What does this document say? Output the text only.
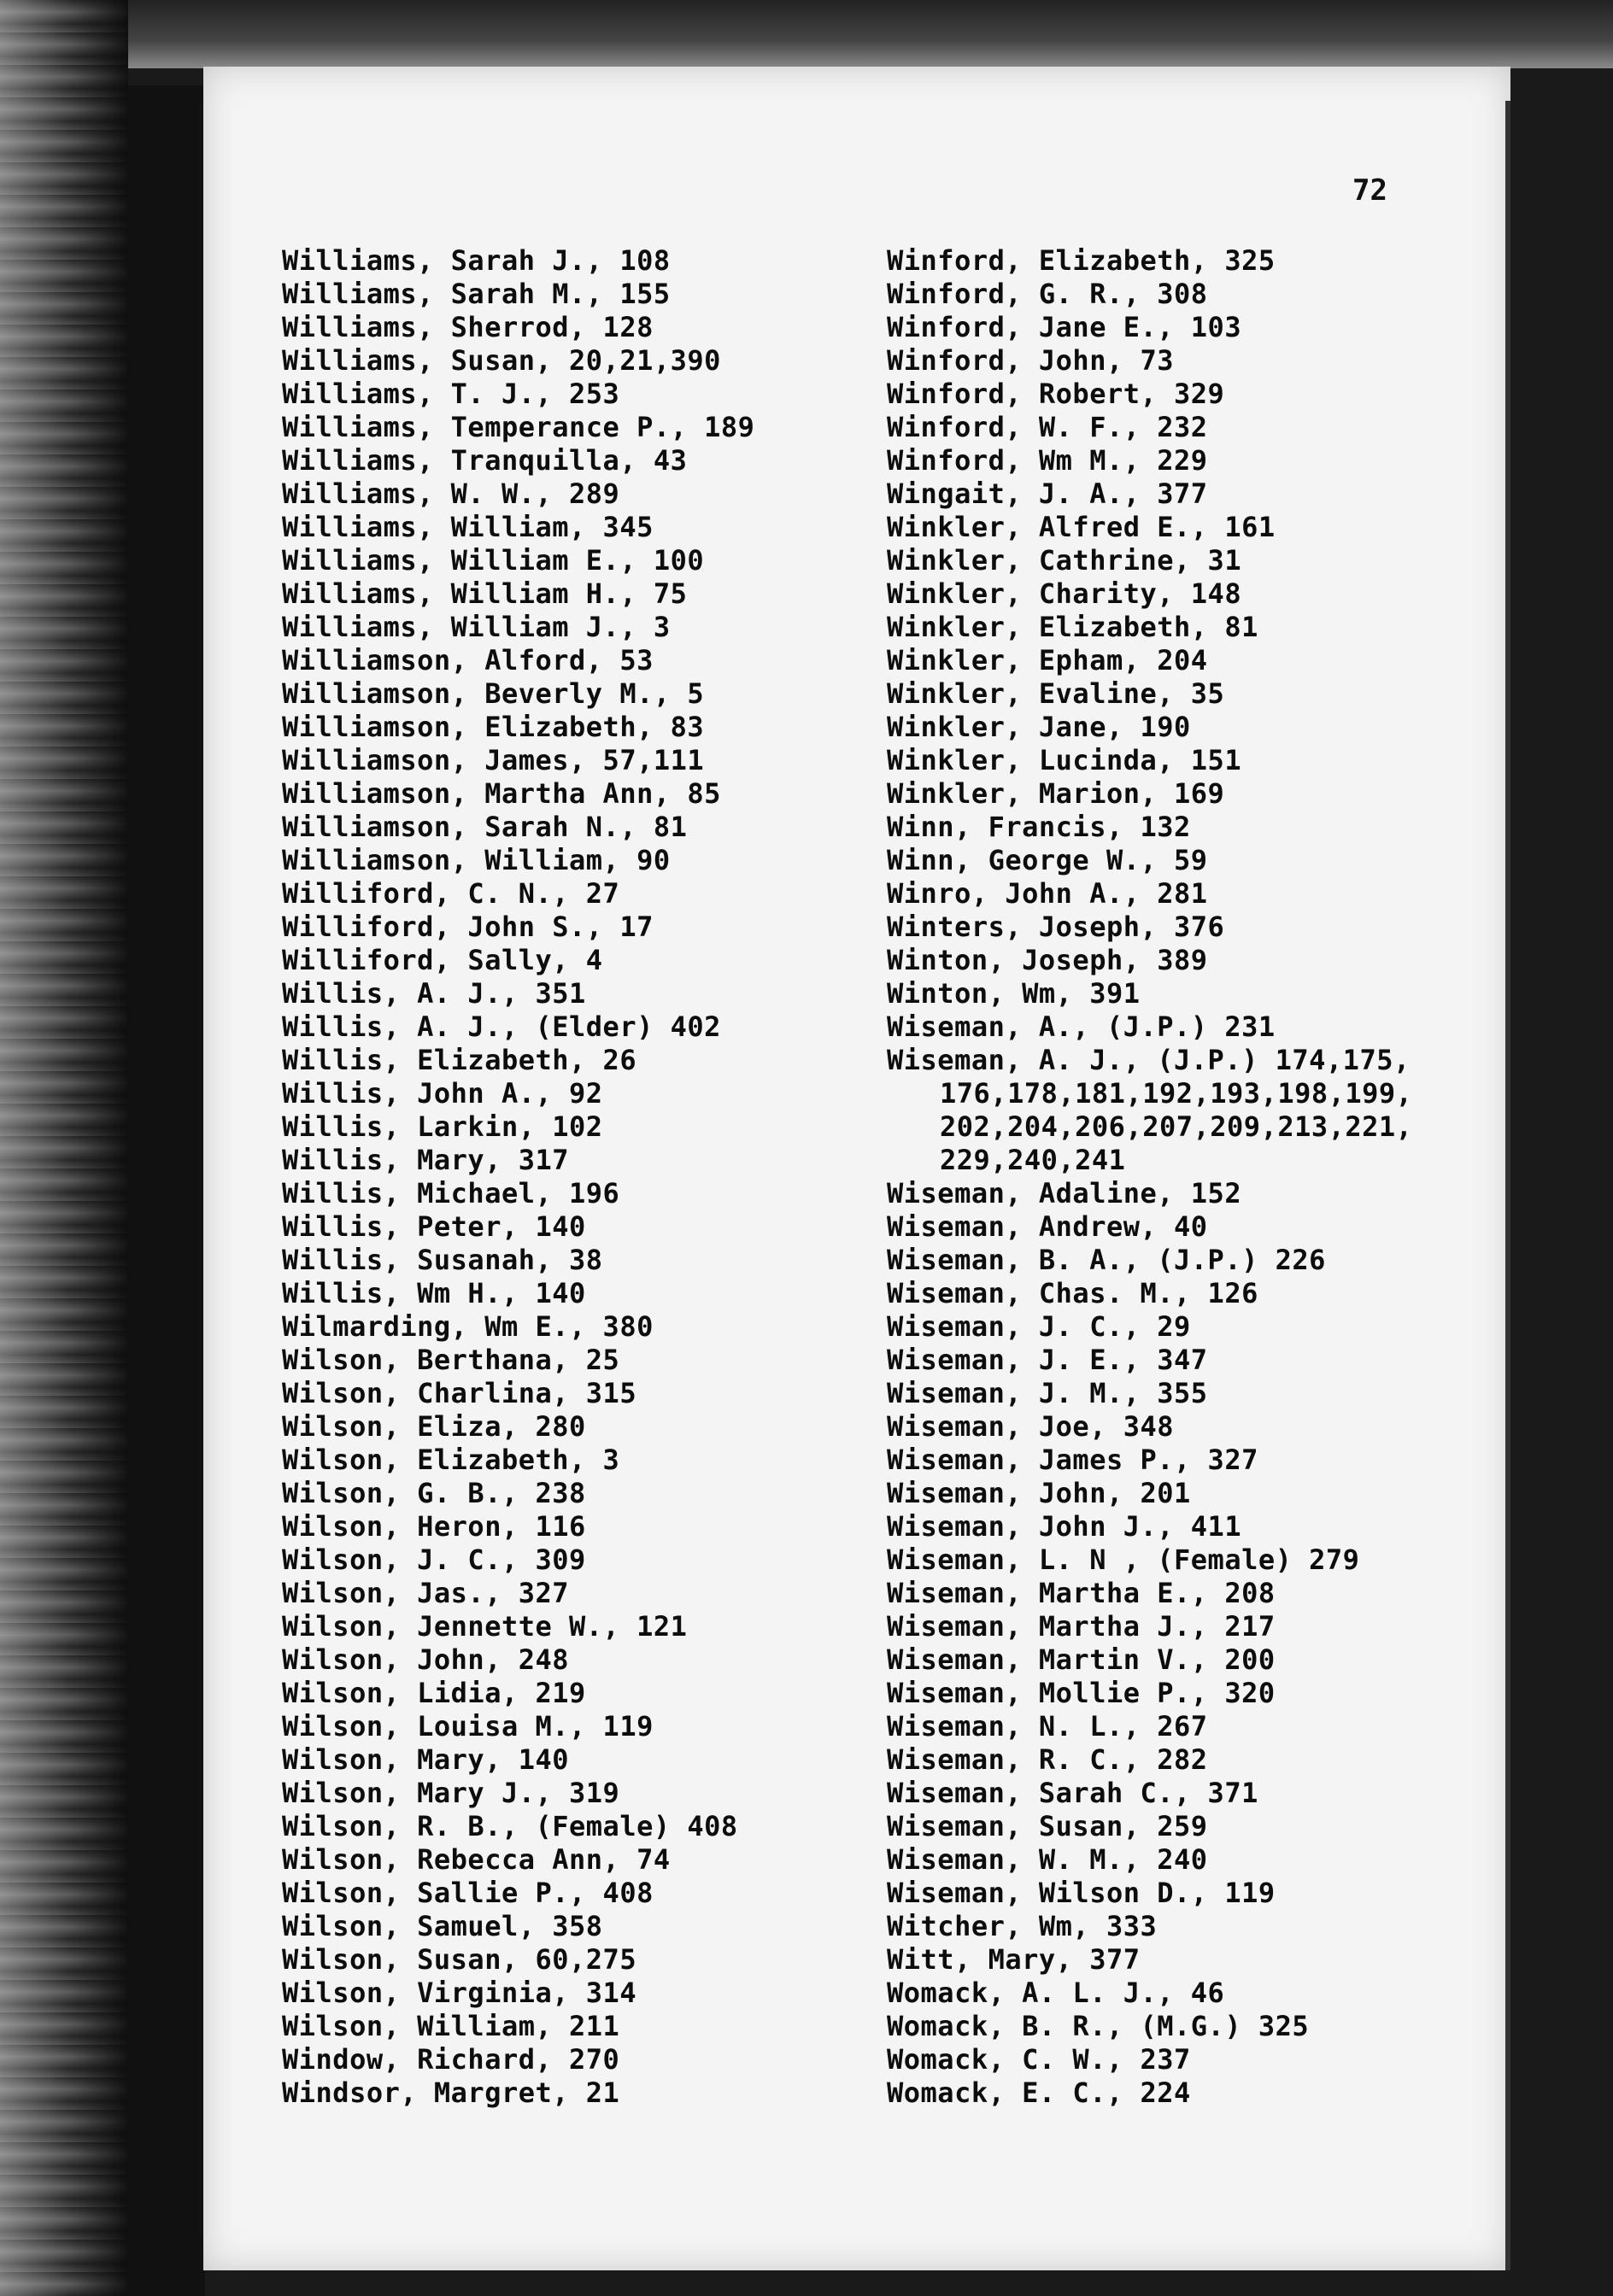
72
Williams, Sarah J., 108
Williams, Sarah M., 155
Williams, Sherrod, 128
Williams, Susan, 20,21,390
Williams, T. J., 253
Williams, Temperance P., 189
Williams, Tranquilla, 43
Williams, W. W., 289
Williams, William, 345
Williams, William E., 100
Williams, William H., 75
Williams, William J., 3
Williamson, Alford, 53
Williamson, Beverly M., 5
Williamson, Elizabeth, 83
Williamson, James, 57,111
Williamson, Martha Ann, 85
Williamson, Sarah N., 81
Williamson, William, 90
Williford, C. N., 27
Williford, John S., 17
Williford, Sally, 4
Willis, A. J., 351
Willis, A. J., (Elder) 402
Willis, Elizabeth, 26
Willis, John A., 92
Willis, Larkin, 102
Willis, Mary, 317
Willis, Michael, 196
Willis, Peter, 140
Willis, Susanah, 38
Willis, Wm H., 140
Wilmarding, Wm E., 380
Wilson, Berthana, 25
Wilson, Charlina, 315
Wilson, Eliza, 280
Wilson, Elizabeth, 3
Wilson, G. B., 238
Wilson, Heron, 116
Wilson, J. C., 309
Wilson, Jas., 327
Wilson, Jennette W., 121
Wilson, John, 248
Wilson, Lidia, 219
Wilson, Louisa M., 119
Wilson, Mary, 140
Wilson, Mary J., 319
Wilson, R. B., (Female) 408
Wilson, Rebecca Ann, 74
Wilson, Sallie P., 408
Wilson, Samuel, 358
Wilson, Susan, 60,275
Wilson, Virginia, 314
Wilson, William, 211
Window, Richard, 270
Windsor, Margret, 21
Winford, Elizabeth, 325
Winford, G. R., 308
Winford, Jane E., 103
Winford, John, 73
Winford, Robert, 329
Winford, W. F., 232
Winford, Wm M., 229
Wingait, J. A., 377
Winkler, Alfred E., 161
Winkler, Cathrine, 31
Winkler, Charity, 148
Winkler, Elizabeth, 81
Winkler, Epham, 204
Winkler, Evaline, 35
Winkler, Jane, 190
Winkler, Lucinda, 151
Winkler, Marion, 169
Winn, Francis, 132
Winn, George W., 59
Winro, John A., 281
Winters, Joseph, 376
Winton, Joseph, 389
Winton, Wm, 391
Wiseman, A., (J.P.) 231
Wiseman, A. J., (J.P.) 174,175,
176,178,181,192,193,198,199,
202,204,206,207,209,213,221,
229,240,241
Wiseman, Adaline, 152
Wiseman, Andrew, 40
Wiseman, B. A., (J.P.) 226
Wiseman, Chas. M., 126
Wiseman, J. C., 29
Wiseman, J. E., 347
Wiseman, J. M., 355
Wiseman, Joe, 348
Wiseman, James P., 327
Wiseman, John, 201
Wiseman, John J., 411
Wiseman, L. N , (Female) 279
Wiseman, Martha E., 208
Wiseman, Martha J., 217
Wiseman, Martin V., 200
Wiseman, Mollie P., 320
Wiseman, N. L., 267
Wiseman, R. C., 282
Wiseman, Sarah C., 371
Wiseman, Susan, 259
Wiseman, W. M., 240
Wiseman, Wilson D., 119
Witcher, Wm, 333
Witt, Mary, 377
Womack, A. L. J., 46
Womack, B. R., (M.G.) 325
Womack, C. W., 237
Womack, E. C., 224
